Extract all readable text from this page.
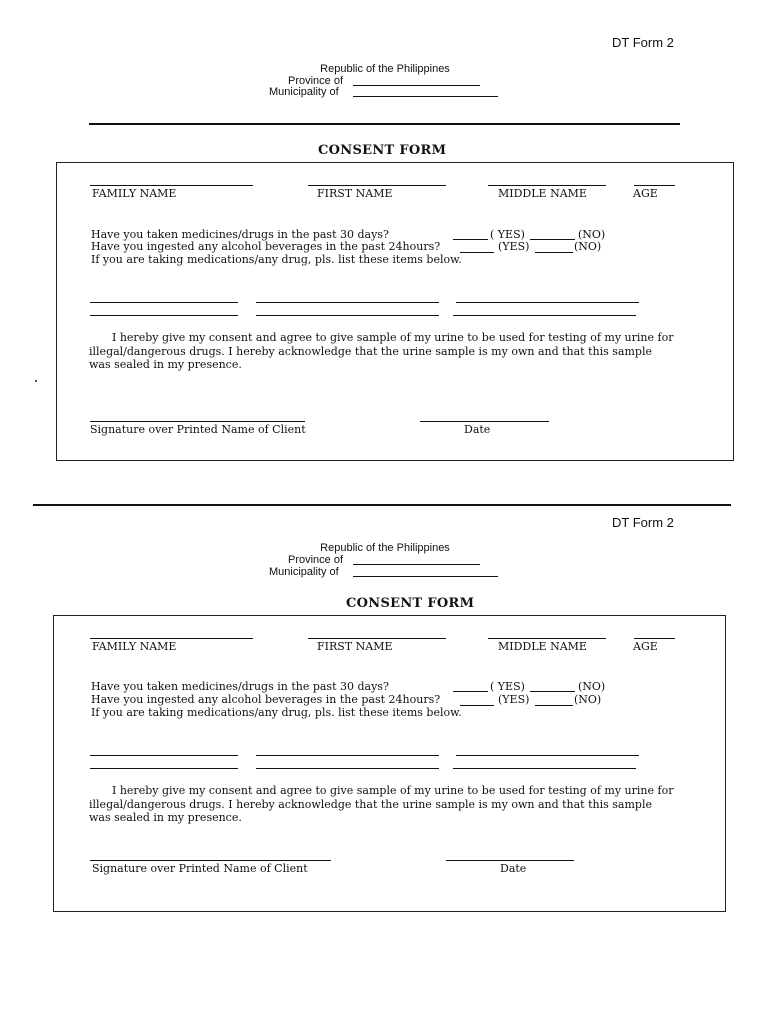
DT Form 2
Republic of the Philippines
Province of
Municipality of
CONSENT FORM
FAMILY NAME	FIRST NAME	MIDDLE NAME	AGE
Have you taken medicines/drugs in the past 30 days?	( YES)	(NO)
Have you ingested any alcohol beverages in the past 24hours?	(YES)	(NO)
If you are taking medications/any drug, pls. list these items below.
I hereby give my consent and agree to give sample of my urine to be used for testing of my urine for
illegal/dangerous drugs. I hereby acknowledge that the urine sample is my own and that this sample
was sealed in my presence.
Signature over Printed Name of Client	Date
DT Form 2
Republic of the Philippines
Province of
Municipality of
CONSENT FORM
FAMILY NAME	FIRST NAME	MIDDLE NAME	AGE
Have you taken medicines/drugs in the past 30 days?	( YES)	(NO)
Have you ingested any alcohol beverages in the past 24hours?	(YES)	(NO)
If you are taking medications/any drug, pls. list these items below.
I hereby give my consent and agree to give sample of my urine to be used for testing of my urine for
illegal/dangerous drugs. I hereby acknowledge that the urine sample is my own and that this sample
was sealed in my presence.
Signature over Printed Name of Client	Date
